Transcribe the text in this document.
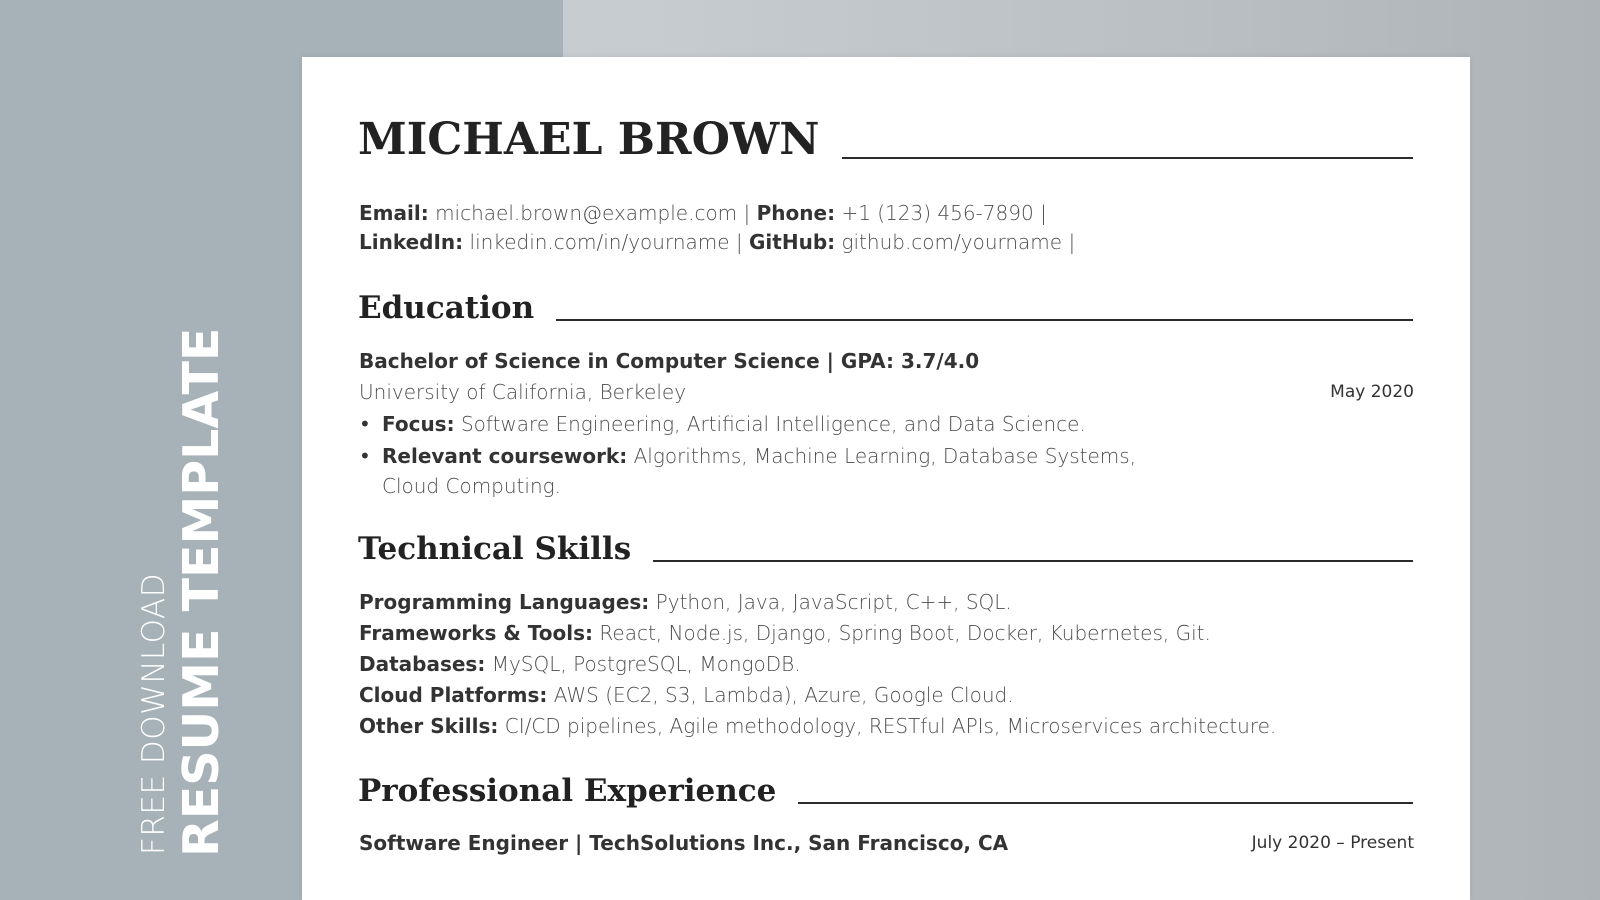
FREE DOWNLOAD RESUME TEMPLATE
MICHAEL BROWN
Email: michael.brown@example.com | Phone: +1 (123) 456-7890 |
LinkedIn: linkedin.com/in/yourname | GitHub: github.com/yourname |
Education
Bachelor of Science in Computer Science | GPA: 3.7/4.0
University of California, Berkeley	May 2020
• Focus: Software Engineering, Artificial Intelligence, and Data Science.
• Relevant coursework: Algorithms, Machine Learning, Database Systems, Cloud Computing.
Technical Skills
Programming Languages: Python, Java, JavaScript, C++, SQL.
Frameworks & Tools: React, Node.js, Django, Spring Boot, Docker, Kubernetes, Git.
Databases: MySQL, PostgreSQL, MongoDB.
Cloud Platforms: AWS (EC2, S3, Lambda), Azure, Google Cloud.
Other Skills: CI/CD pipelines, Agile methodology, RESTful APIs, Microservices architecture.
Professional Experience
Software Engineer | TechSolutions Inc., San Francisco, CA	July 2020 – Present
